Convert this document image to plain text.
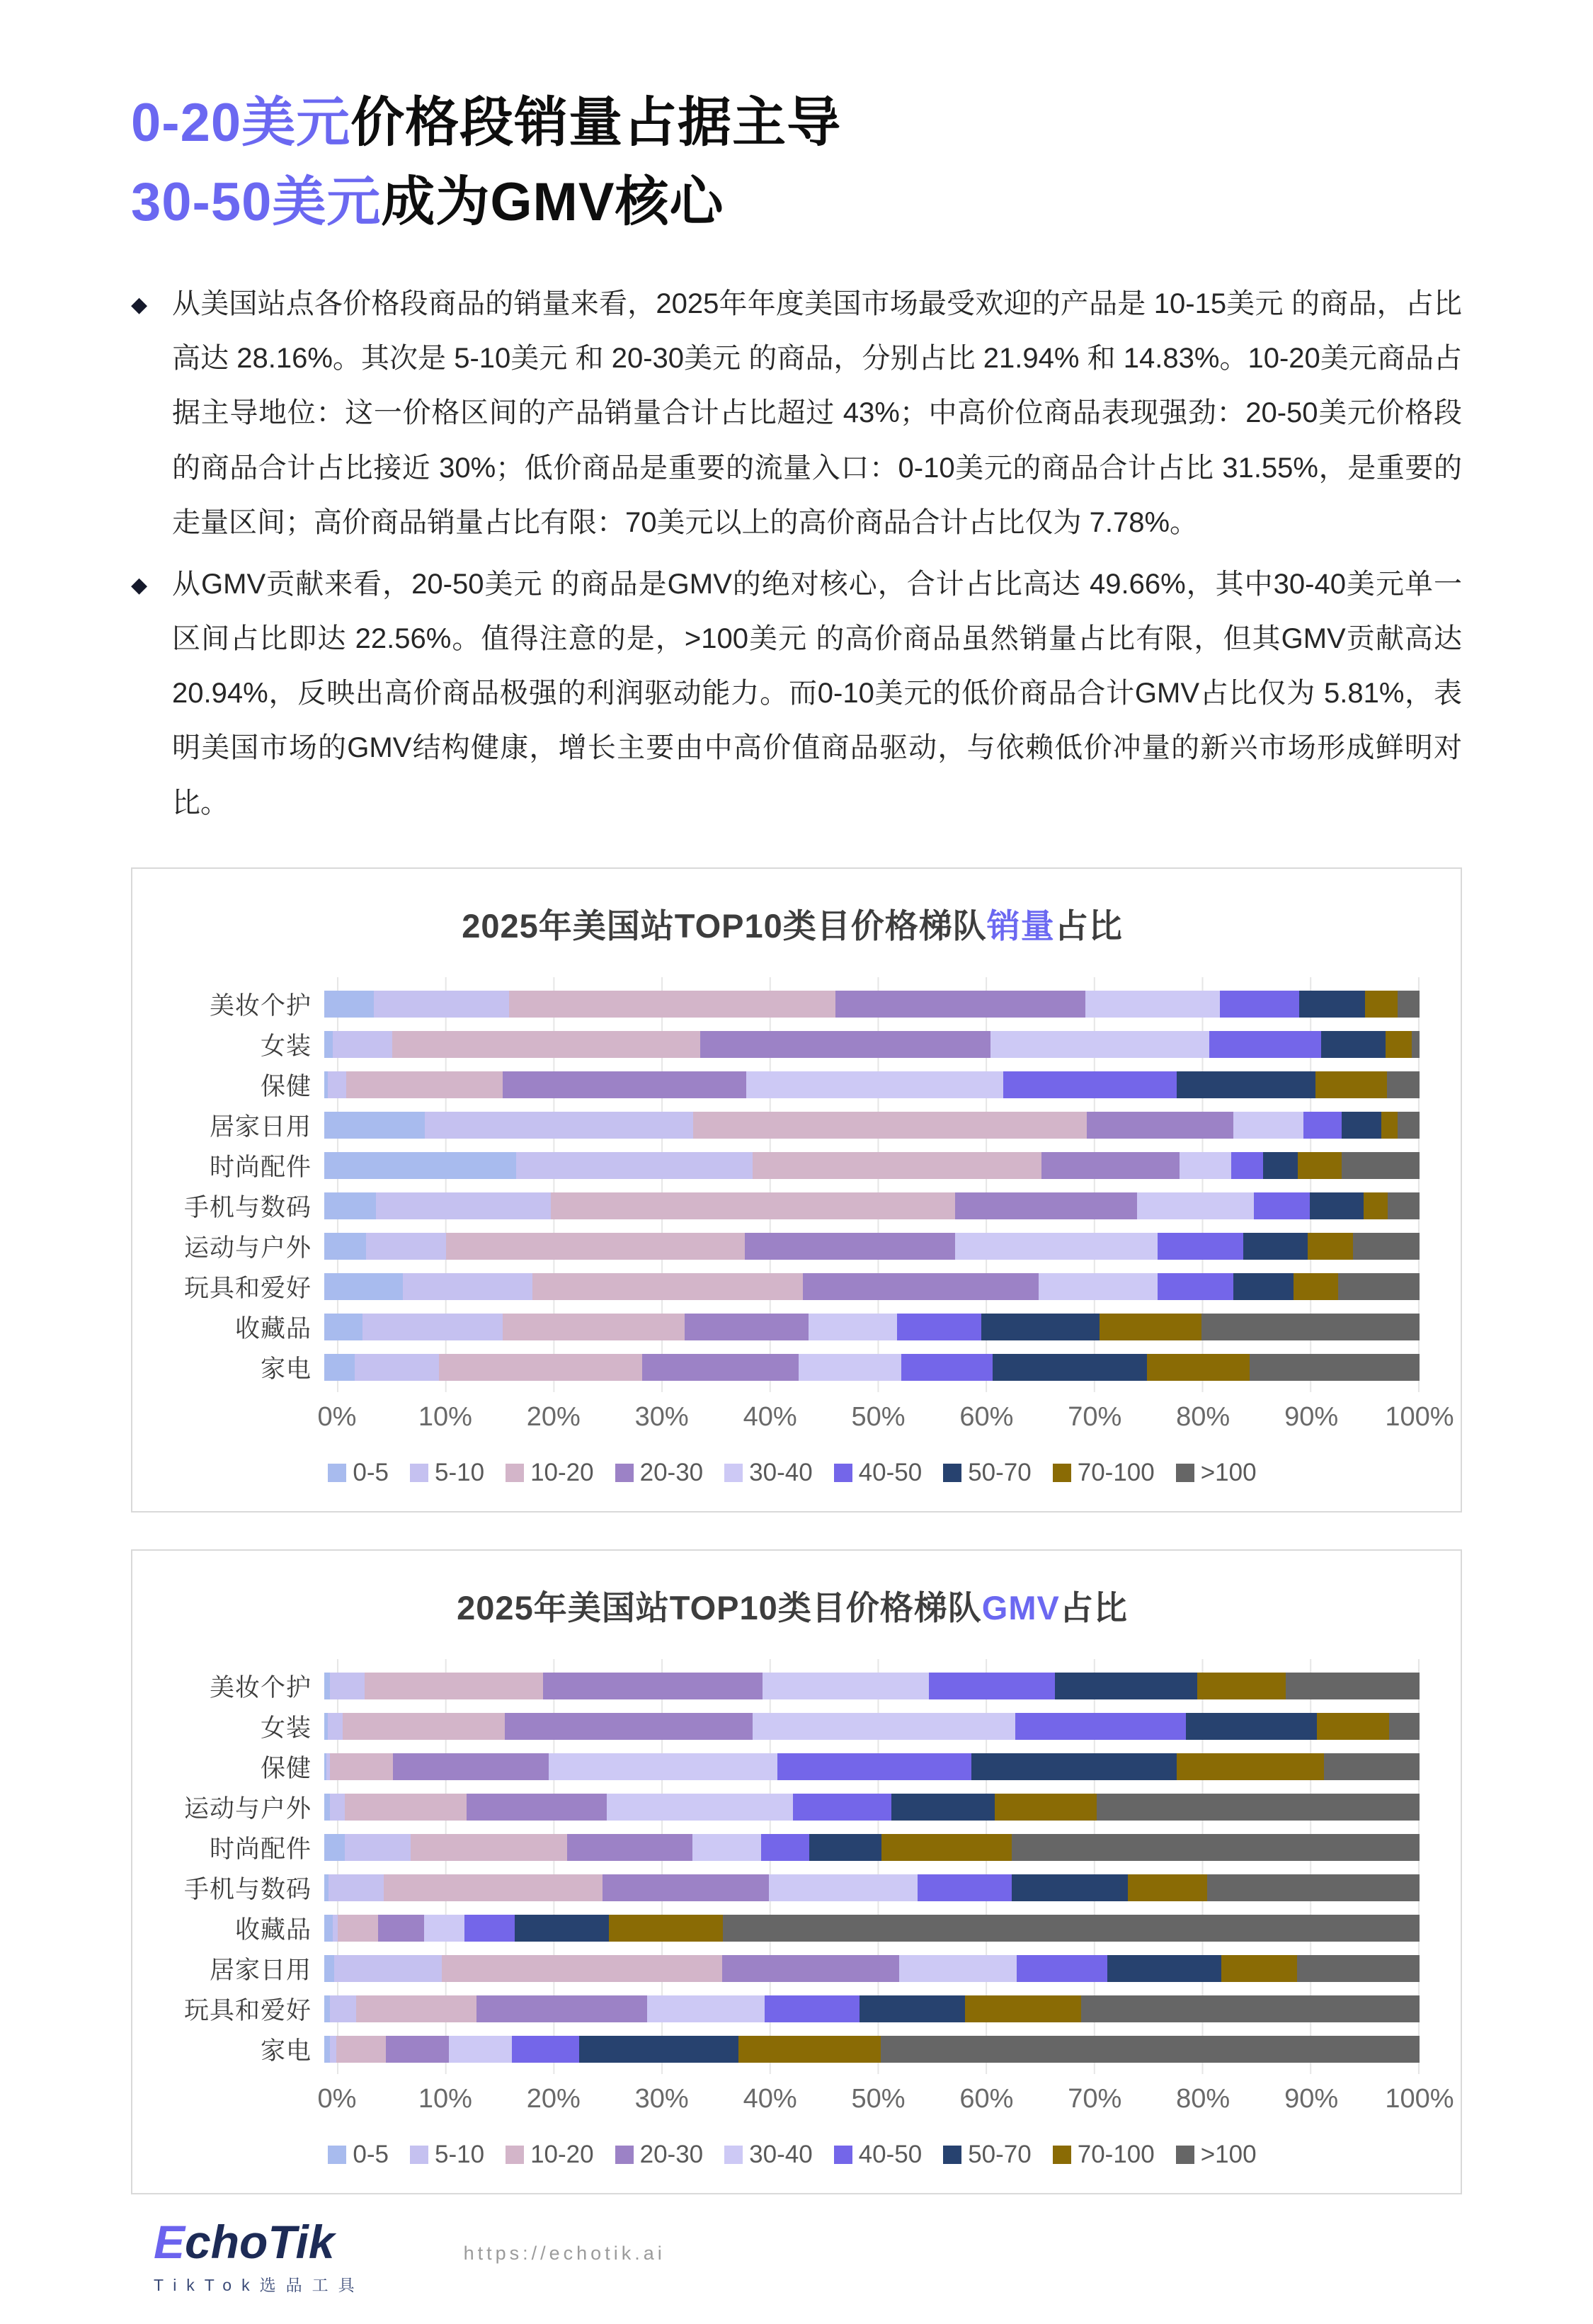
0-20美元价格段销量占据主导
30-50美元成为GMV核心
◆ 从美国站点各价格段商品的销量来看，2025年年度美国市场最受欢迎的产品是 10-15美元 的商品，占比高达 28.16%。其次是 5-10美元 和 20-30美元 的商品，分别占比 21.94% 和 14.83%。10-20美元商品占据主导地位：这一价格区间的产品销量合计占比超过 43%；中高价位商品表现强劲：20-50美元价格段的商品合计占比接近 30%；低价商品是重要的流量入口：0-10美元的商品合计占比 31.55%，是重要的走量区间；高价商品销量占比有限：70美元以上的高价商品合计占比仅为 7.78%。

◆ 从GMV贡献来看，20-50美元 的商品是GMV的绝对核心，合计占比高达 49.66%，其中30-40美元单一区间占比即达 22.56%。值得注意的是，>100美元 的高价商品虽然销量占比有限，但其GMV贡献高达 20.94%，反映出高价商品极强的利润驱动能力。而0-10美元的低价商品合计GMV占比仅为 5.81%，表明美国市场的GMV结构健康，增长主要由中高价值商品驱动，与依赖低价冲量的新兴市场形成鲜明对比。

2025年美国站TOP10类目价格梯队销量占比
美妆个护
女装
保健
居家日用
时尚配件
手机与数码
运动与户外
玩具和爱好
收藏品
家电
0% 10% 20% 30% 40% 50% 60% 70% 80% 90% 100%
0-5 5-10 10-20 20-30 30-40 40-50 50-70 70-100 >100
2025年美国站TOP10类目价格梯队GMV占比
美妆个护
女装
保健
运动与户外
时尚配件
手机与数码
收藏品
居家日用
玩具和爱好
家电
0% 10% 20% 30% 40% 50% 60% 70% 80% 90% 100%
0-5 5-10 10-20 20-30 30-40 40-50 50-70 70-100 >100
EchoTik
TikTok选品工具
https://echotik.ai
